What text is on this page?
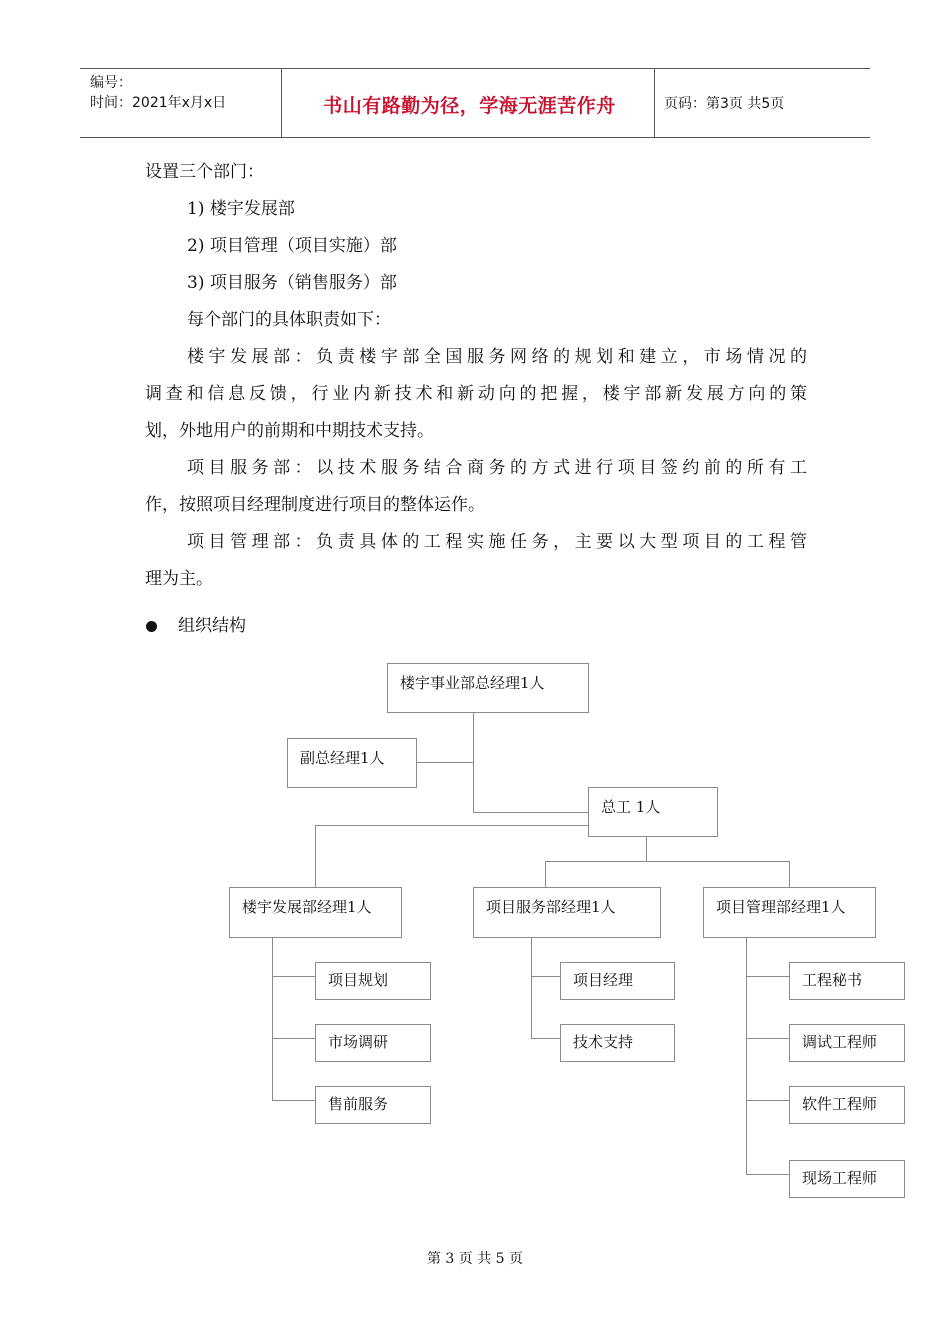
编号：
时间：2021年x月x日	书山有路勤为径，学海无涯苦作舟	页码：第3页 共5页
设置三个部门：
1) 楼宇发展部
2) 项目管理（项目实施）部
3) 项目服务（销售服务）部
每个部门的具体职责如下：
楼宇发展部：负责楼宇部全国服务网络的规划和建立，市场情况的
调查和信息反馈，行业内新技术和新动向的把握，楼宇部新发展方向的策
划，外地用户的前期和中期技术支持。
项目服务部：以技术服务结合商务的方式进行项目签约前的所有工
作，按照项目经理制度进行项目的整体运作。
项目管理部：负责具体的工程实施任务，主要以大型项目的工程管
理为主。
组织结构
楼宇事业部总经理1人
副总经理1人
总工 1人
楼宇发展部经理1人	项目服务部经理1人	项目管理部经理1人
项目规划
市场调研
售前服务
项目经理
技术支持
工程秘书
调试工程师
软件工程师
现场工程师
第 3 页 共 5 页
